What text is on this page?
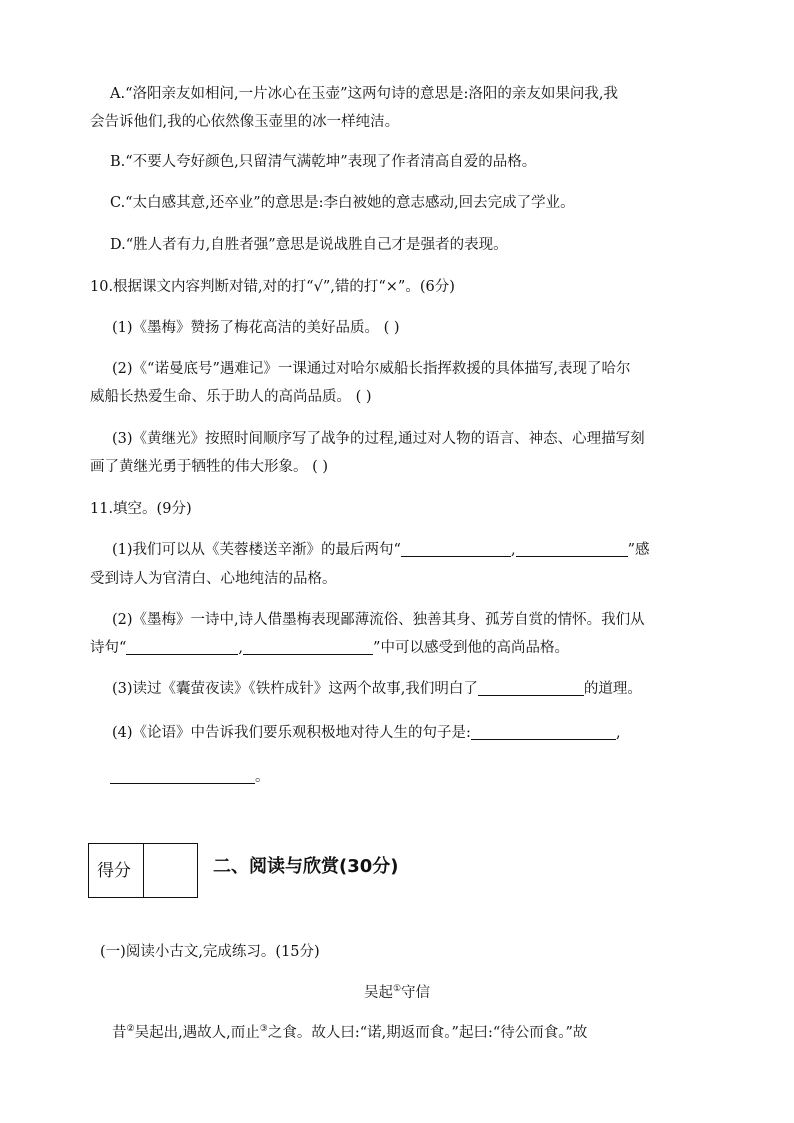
A.“洛阳亲友如相问,一片冰心在玉壶”这两句诗的意思是:洛阳的亲友如果问我,我
会告诉他们,我的心依然像玉壶里的冰一样纯洁。
B.“不要人夸好颜色,只留清气满乾坤”表现了作者清高自爱的品格。
C.“太白感其意,还卒业”的意思是:李白被她的意志感动,回去完成了学业。
D.“胜人者有力,自胜者强”意思是说战胜自己才是强者的表现。
10.根据课文内容判断对错,对的打“√”,错的打“×”。(6分)
(1)《墨梅》赞扬了梅花高洁的美好品质。 ( )
(2)《“诺曼底号”遇难记》一课通过对哈尔威船长指挥救援的具体描写,表现了哈尔
威船长热爱生命、乐于助人的高尚品质。 ( )
(3)《黄继光》按照时间顺序写了战争的过程,通过对人物的语言、神态、心理描写刻
画了黄继光勇于牺牲的伟大形象。 ( )
11.填空。(9分)
(1)我们可以从《芙蓉楼送辛渐》的最后两句“	,	”感
受到诗人为官清白、心地纯洁的品格。
(2)《墨梅》一诗中,诗人借墨梅表现鄙薄流俗、独善其身、孤芳自赏的情怀。我们从
诗句“	,	”中可以感受到他的高尚品格。
(3)读过《囊萤夜读》《铁杵成针》这两个故事,我们明白了	的道理。
(4)《论语》中告诉我们要乐观积极地对待人生的句子是:	,
。
得分	二、阅读与欣赏(30分)
(一)阅读小古文,完成练习。(15分)
吴起①守信
昔②吴起出,遇故人,而止③之食。故人曰:“诺,期返而食。”起曰:“待公而食。”故
